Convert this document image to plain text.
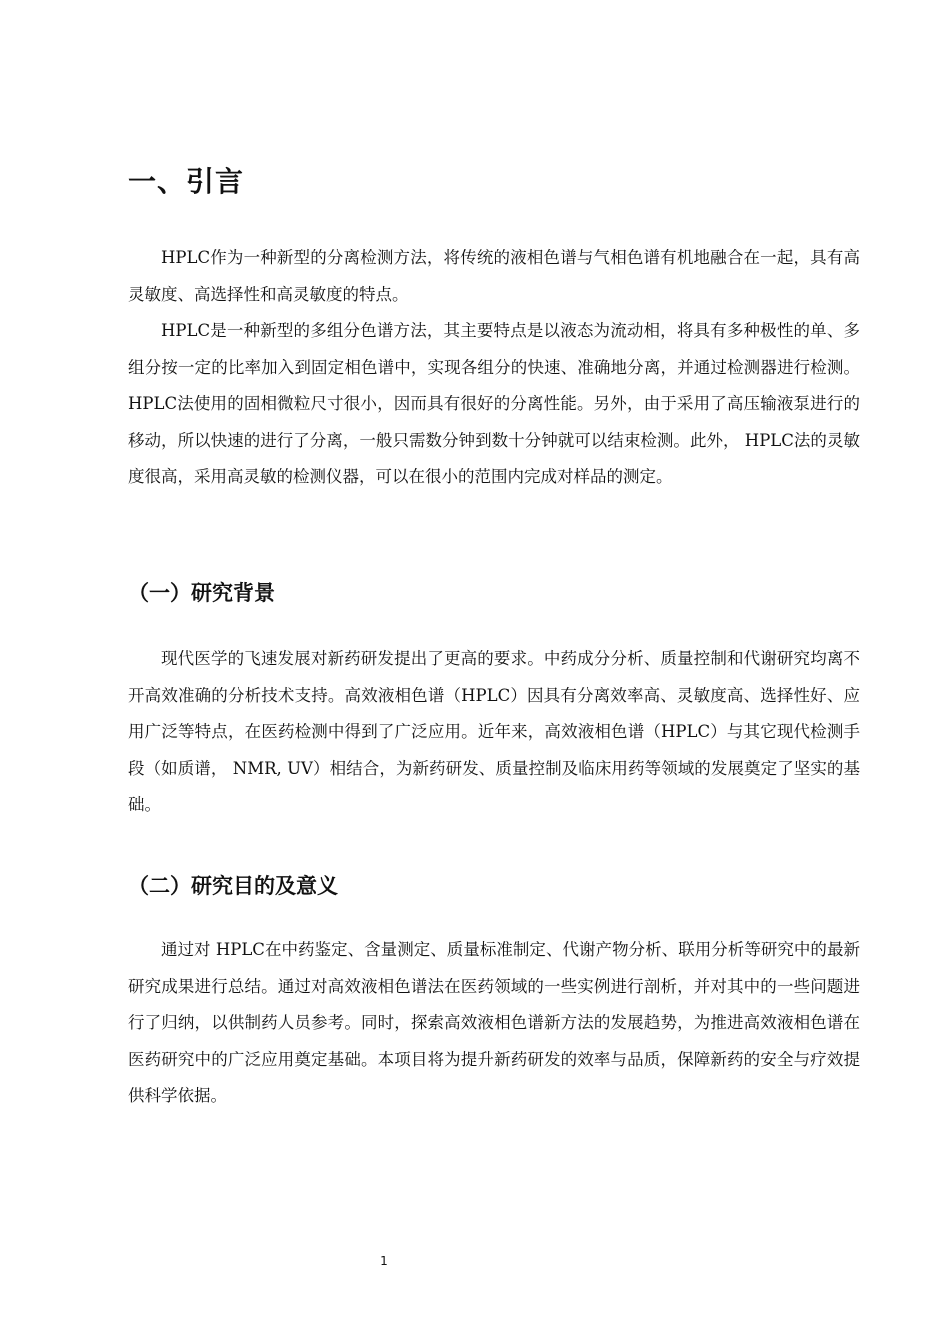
一、引言

HPLC作为一种新型的分离检测方法，将传统的液相色谱与气相色谱有机地融合在一起，具有高灵敏度、高选择性和高灵敏度的特点。

HPLC是一种新型的多组分色谱方法，其主要特点是以液态为流动相，将具有多种极性的单、多组分按一定的比率加入到固定相色谱中，实现各组分的快速、准确地分离，并通过检测器进行检测。HPLC法使用的固相微粒尺寸很小，因而具有很好的分离性能。另外，由于采用了高压输液泵进行的移动，所以快速的进行了分离，一般只需数分钟到数十分钟就可以结束检测。此外， HPLC法的灵敏度很高，采用高灵敏的检测仪器，可以在很小的范围内完成对样品的测定。

（一）研究背景

现代医学的飞速发展对新药研发提出了更高的要求。中药成分分析、质量控制和代谢研究均离不开高效准确的分析技术支持。高效液相色谱（HPLC）因具有分离效率高、灵敏度高、选择性好、应用广泛等特点，在医药检测中得到了广泛应用。近年来，高效液相色谱（HPLC）与其它现代检测手段（如质谱， NMR, UV）相结合，为新药研发、质量控制及临床用药等领域的发展奠定了坚实的基础。

（二）研究目的及意义

通过对 HPLC在中药鉴定、含量测定、质量标准制定、代谢产物分析、联用分析等研究中的最新研究成果进行总结。通过对高效液相色谱法在医药领域的一些实例进行剖析，并对其中的一些问题进行了归纳，以供制药人员参考。同时，探索高效液相色谱新方法的发展趋势，为推进高效液相色谱在医药研究中的广泛应用奠定基础。本项目将为提升新药研发的效率与品质，保障新药的安全与疗效提供科学依据。

1
